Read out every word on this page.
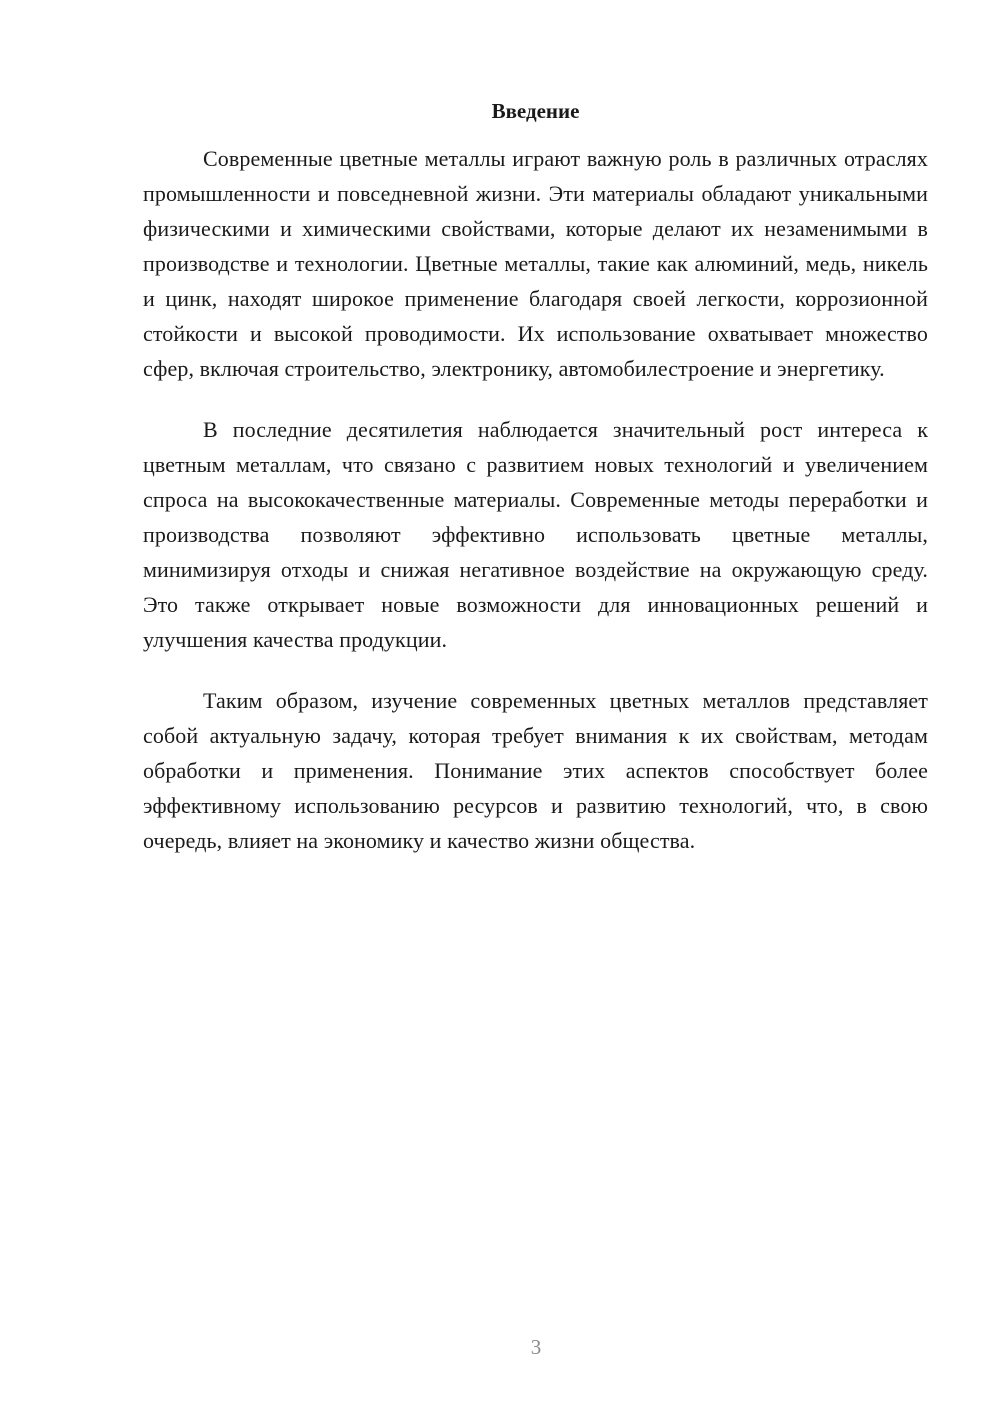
Введение

Современные цветные металлы играют важную роль в различных отраслях промышленности и повседневной жизни. Эти материалы обладают уникальными физическими и химическими свойствами, которые делают их незаменимыми в производстве и технологии. Цветные металлы, такие как алюминий, медь, никель и цинк, находят широкое применение благодаря своей легкости, коррозионной стойкости и высокой проводимости. Их использование охватывает множество сфер, включая строительство, электронику, автомобилестроение и энергетику.

В последние десятилетия наблюдается значительный рост интереса к цветным металлам, что связано с развитием новых технологий и увеличением спроса на высококачественные материалы. Современные методы переработки и производства позволяют эффективно использовать цветные металлы, минимизируя отходы и снижая негативное воздействие на окружающую среду. Это также открывает новые возможности для инновационных решений и улучшения качества продукции.

Таким образом, изучение современных цветных металлов представляет собой актуальную задачу, которая требует внимания к их свойствам, методам обработки и применения. Понимание этих аспектов способствует более эффективному использованию ресурсов и развитию технологий, что, в свою очередь, влияет на экономику и качество жизни общества.

3
